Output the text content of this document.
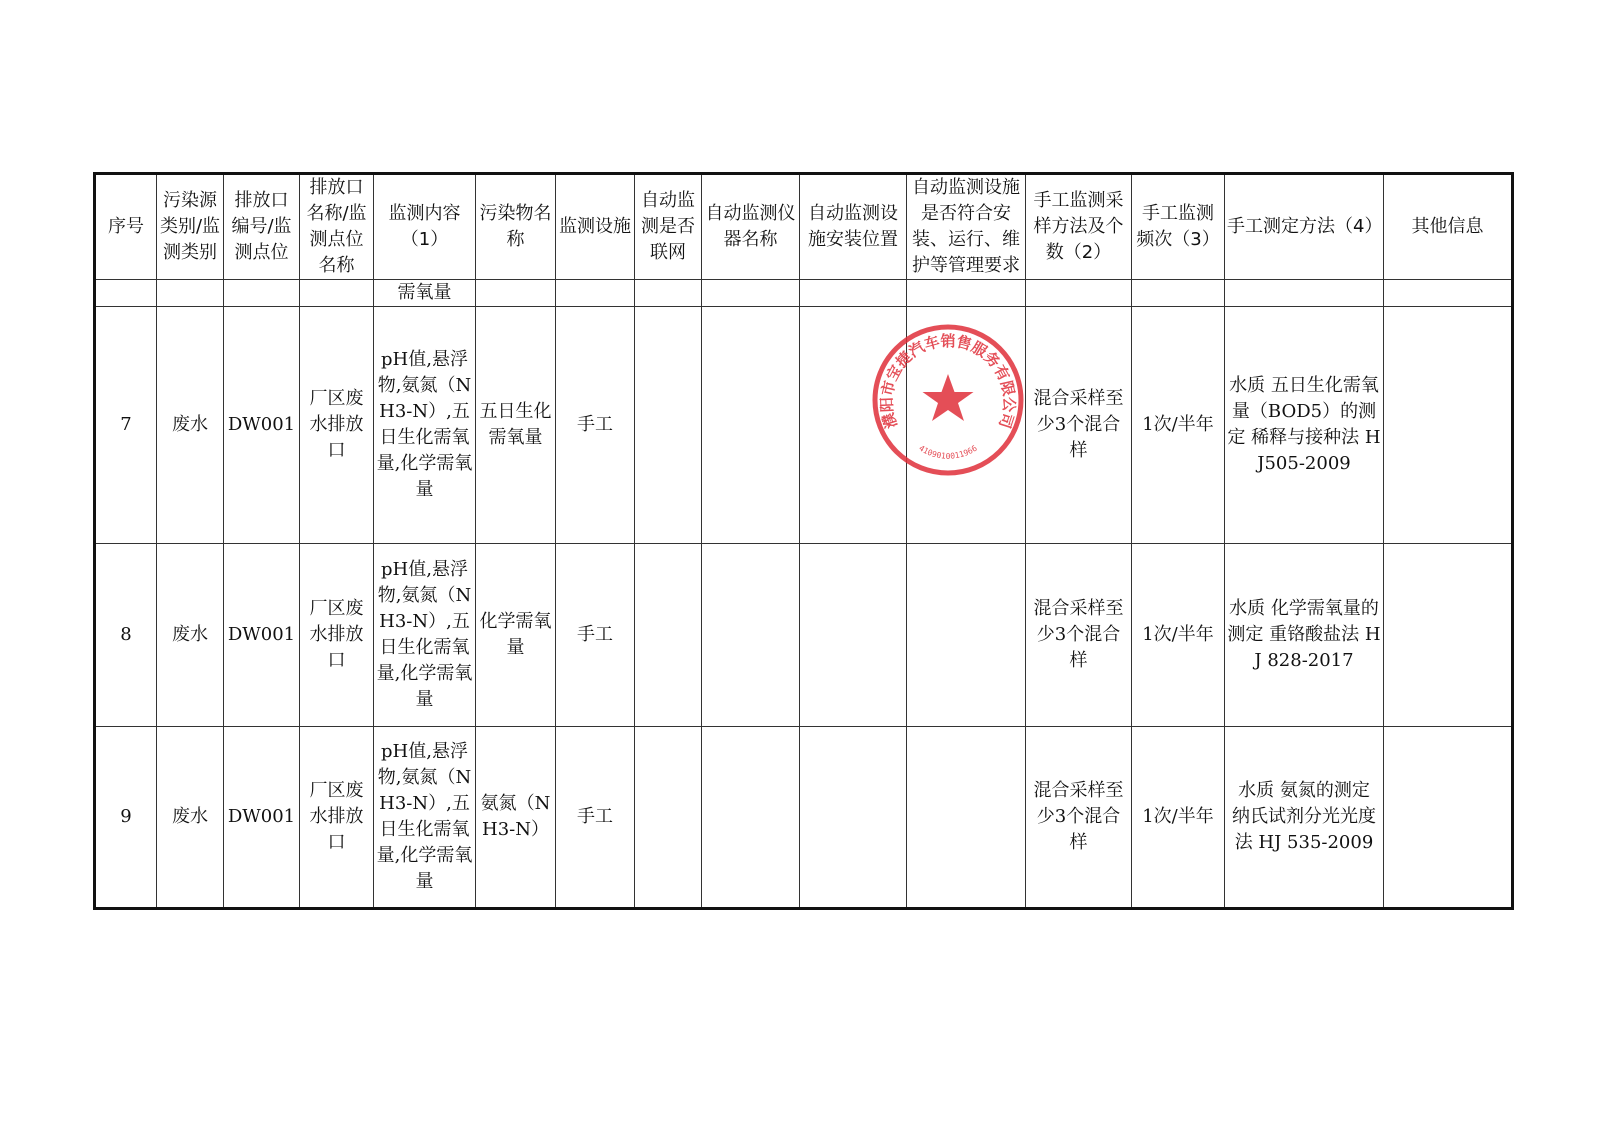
序号	污染源类别/监测类别	排放口编号/监测点位	排放口名称/监测点位名称	监测内容（1）	污染物名称	监测设施	自动监测是否联网	自动监测仪器名称	自动监测设施安装位置	自动监测设施是否符合安装、运行、维护等管理要求	手工监测采样方法及个数（2）	手工监测频次（3）	手工测定方法（4）	其他信息
				需氧量										
7	废水	DW001	厂区废水排放口	pH值,悬浮物,氨氮（NH3-N）,五日生化需氧量,化学需氧量	五日生化需氧量	手工					混合采样至少3个混合样	1次/半年	水质 五日生化需氧量（BOD5）的测定 稀释与接种法 HJ505-2009	
8	废水	DW001	厂区废水排放口	pH值,悬浮物,氨氮（NH3-N）,五日生化需氧量,化学需氧量	化学需氧量	手工					混合采样至少3个混合样	1次/半年	水质 化学需氧量的测定 重铬酸盐法 HJ 828-2017	
9	废水	DW001	厂区废水排放口	pH值,悬浮物,氨氮（NH3-N）,五日生化需氧量,化学需氧量	氨氮（NH3-N）	手工					混合采样至少3个混合样	1次/半年	水质 氨氮的测定 纳氏试剂分光光度法 HJ 535-2009	
濮阳市宝捷汽车销售服务有限公司
4109010011966
